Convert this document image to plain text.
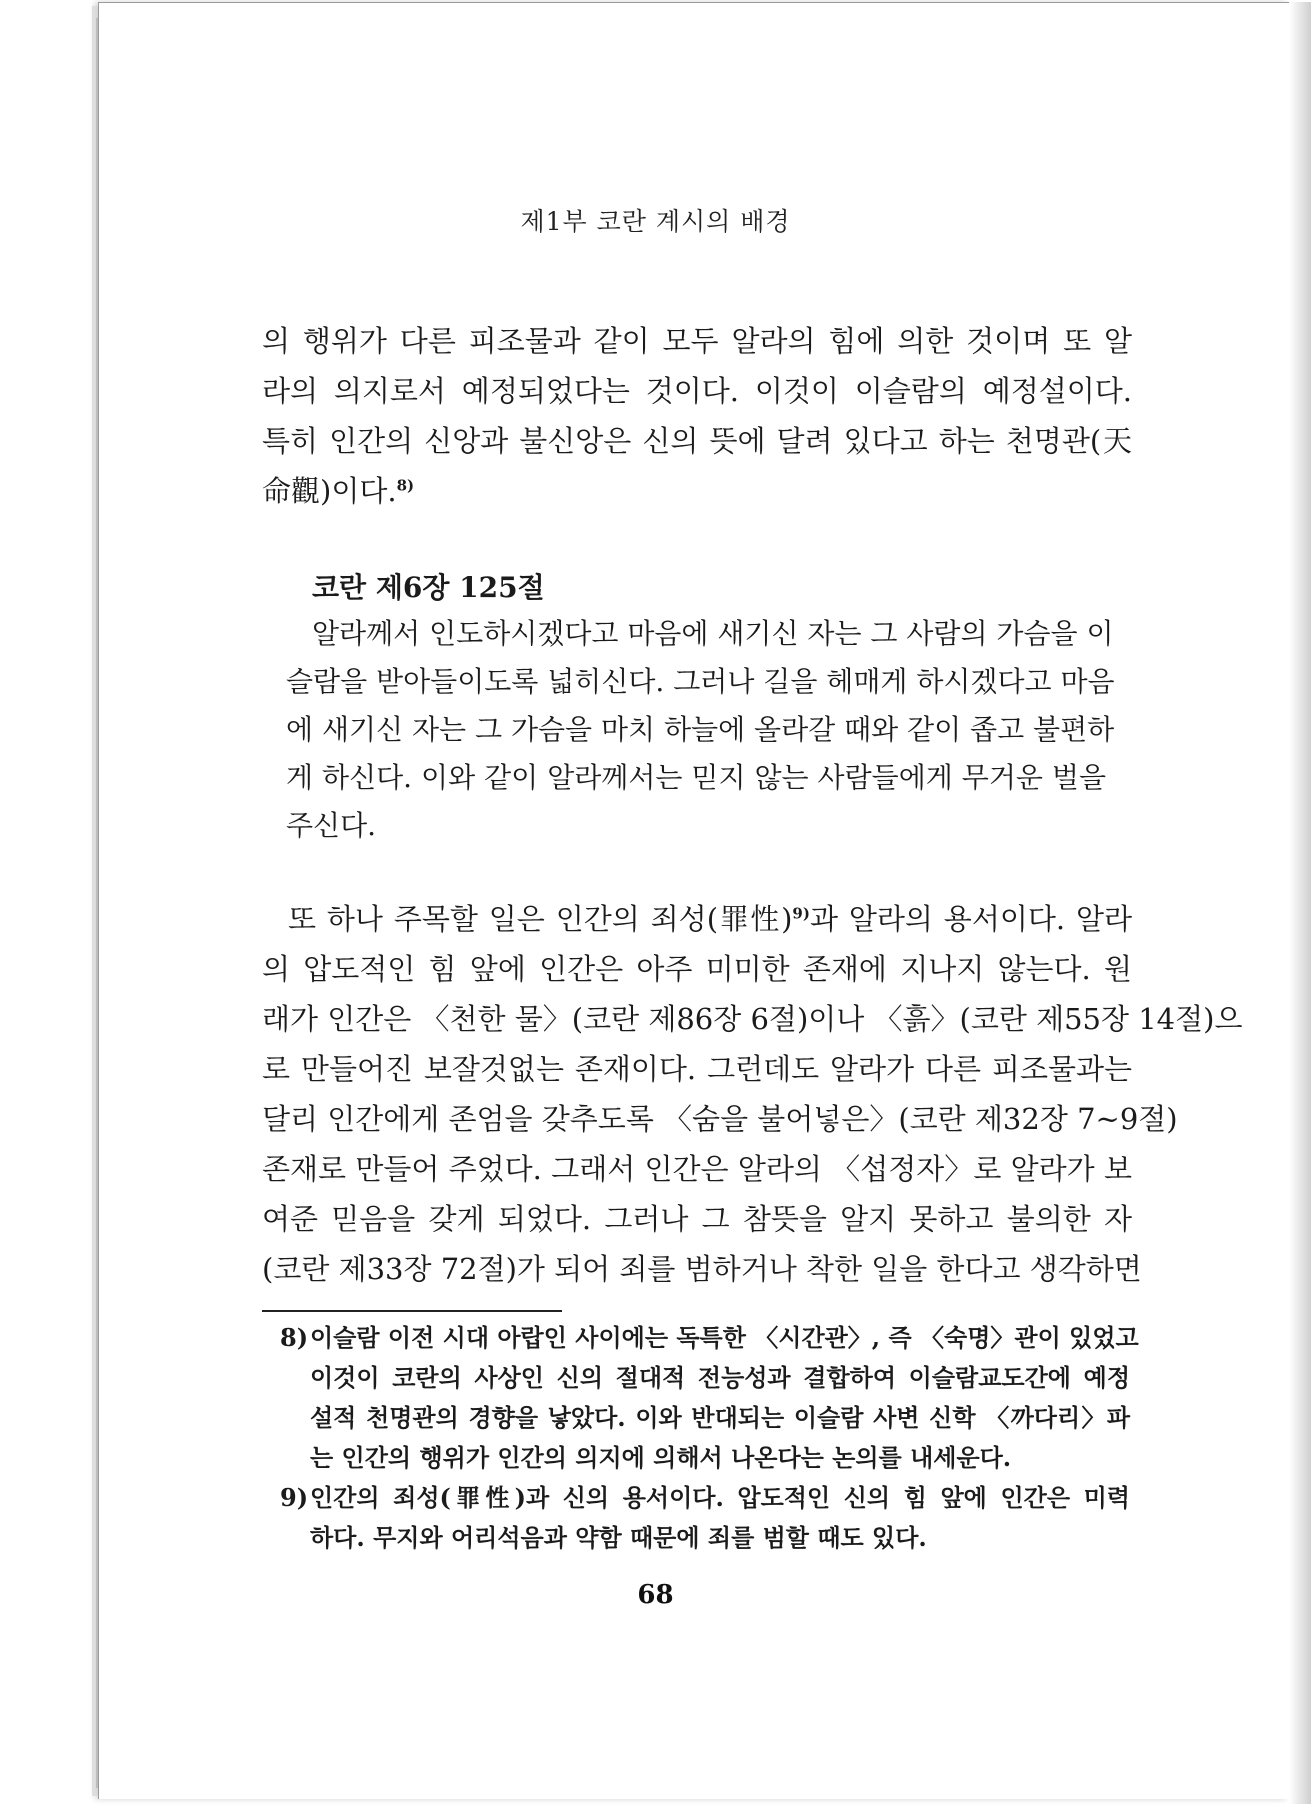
제1부 코란 계시의 배경
의 행위가 다른 피조물과 같이 모두 알라의 힘에 의한 것이며 또 알
라의 의지로서 예정되었다는 것이다. 이것이 이슬람의 예정설이다.
특히 인간의 신앙과 불신앙은 신의 뜻에 달려 있다고 하는 천명관(天
命觀)이다.$^{8)}$
코란 제6장 125절
알라께서 인도하시겠다고 마음에 새기신 자는 그 사람의 가슴을 이
슬람을 받아들이도록 넓히신다. 그러나 길을 헤매게 하시겠다고 마음
에 새기신 자는 그 가슴을 마치 하늘에 올라갈 때와 같이 좁고 불편하
게 하신다. 이와 같이 알라께서는 믿지 않는 사람들에게 무거운 벌을
주신다.
또 하나 주목할 일은 인간의 죄성(罪性)$^{9)}$과 알라의 용서이다. 알라
의 압도적인 힘 앞에 인간은 아주 미미한 존재에 지나지 않는다. 원
래가 인간은 〈천한 물〉(코란 제86장 6절)이나 〈흙〉(코란 제55장 14절)으
로 만들어진 보잘것없는 존재이다. 그런데도 알라가 다른 피조물과는
달리 인간에게 존엄을 갖추도록 〈숨을 불어넣은〉(코란 제32장 7~9절)
존재로 만들어 주었다. 그래서 인간은 알라의 〈섭정자〉로 알라가 보
여준 믿음을 갖게 되었다. 그러나 그 참뜻을 알지 못하고 불의한 자
(코란 제33장 72절)가 되어 죄를 범하거나 착한 일을 한다고 생각하면
8) 이슬람 이전 시대 아랍인 사이에는 독특한 〈시간관〉, 즉 〈숙명〉관이 있었고
이것이 코란의 사상인 신의 절대적 전능성과 결합하여 이슬람교도간에 예정
설적 천명관의 경향을 낳았다. 이와 반대되는 이슬람 사변 신학 〈까다리〉파
는 인간의 행위가 인간의 의지에 의해서 나온다는 논의를 내세운다.
9) 인간의 죄성(罪性)과 신의 용서이다. 압도적인 신의 힘 앞에 인간은 미력
하다. 무지와 어리석음과 약함 때문에 죄를 범할 때도 있다.
68
